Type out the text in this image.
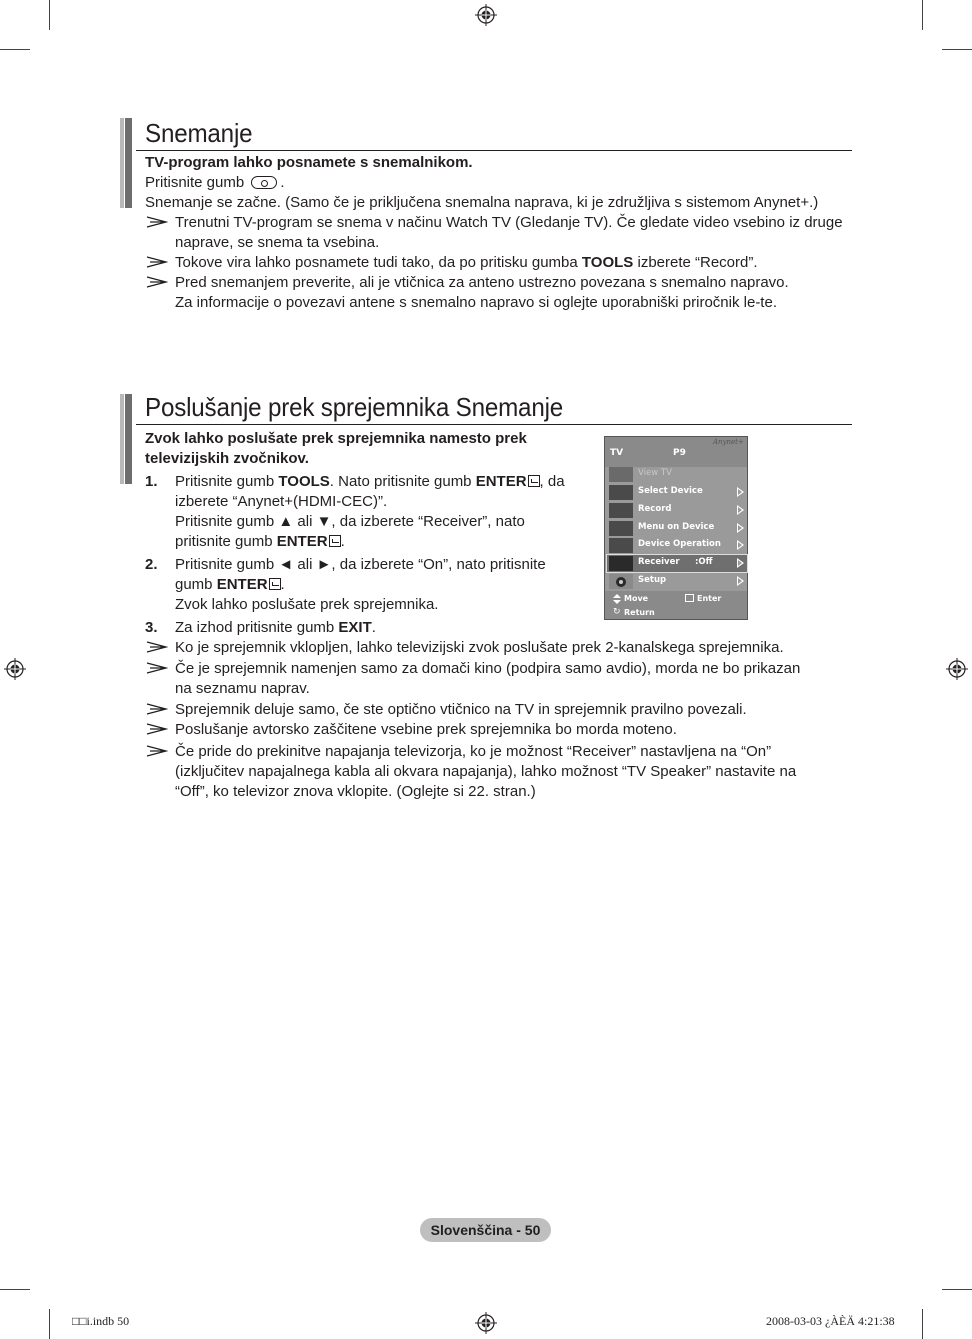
Snemanje
TV-program lahko posnamete s snemalnikom.
Pritisnite gumb .
Snemanje se začne. (Samo če je priključena snemalna naprava, ki je združljiva s sistemom Anynet+.)
Trenutni TV-program se snema v načinu Watch TV (Gledanje TV). Če gledate video vsebino iz druge
naprave, se snema ta vsebina.
Tokove vira lahko posnamete tudi tako, da po pritisku gumba TOOLS izberete “Record”.
Pred snemanjem preverite, ali je vtičnica za anteno ustrezno povezana s snemalno napravo.
Za informacije o povezavi antene s snemalno napravo si oglejte uporabniški priročnik le-te.
Poslušanje prek sprejemnika Snemanje
Zvok lahko poslušate prek sprejemnika namesto prek
televizijskih zvočnikov.
1. Pritisnite gumb TOOLS. Nato pritisnite gumb ENTER , da
izberete “Anynet+(HDMI-CEC)”.
Pritisnite gumb ▲ ali ▼, da izberete “Receiver”, nato
pritisnite gumb ENTER .
2. Pritisnite gumb ◄ ali ►, da izberete “On”, nato pritisnite
gumb ENTER .
Zvok lahko poslušate prek sprejemnika.
3. Za izhod pritisnite gumb EXIT.
Ko je sprejemnik vklopljen, lahko televizijski zvok poslušate prek 2-kanalskega sprejemnika.
Če je sprejemnik namenjen samo za domači kino (podpira samo avdio), morda ne bo prikazan
na seznamu naprav.
Sprejemnik deluje samo, če ste optično vtičnico na TV in sprejemnik pravilno povezali.
Poslušanje avtorsko zaščitene vsebine prek sprejemnika bo morda moteno.
Če pride do prekinitve napajanja televizorja, ko je možnost “Receiver” nastavljena na “On”
(izključitev napajalnega kabla ali okvara napajanja), lahko možnost “TV Speaker” nastavite na
“Off”, ko televizor znova vklopite. (Oglejte si 22. stran.)
TV	P9
Anynet+
View TV
Select Device
Record
Menu on Device
Device Operation
Receiver :Off
Setup
Move	Enter
↻ Return
Slovenščina - 50
□□i.indb 50	2008-03-03 ¿ÀÈÄ 4:21:38
